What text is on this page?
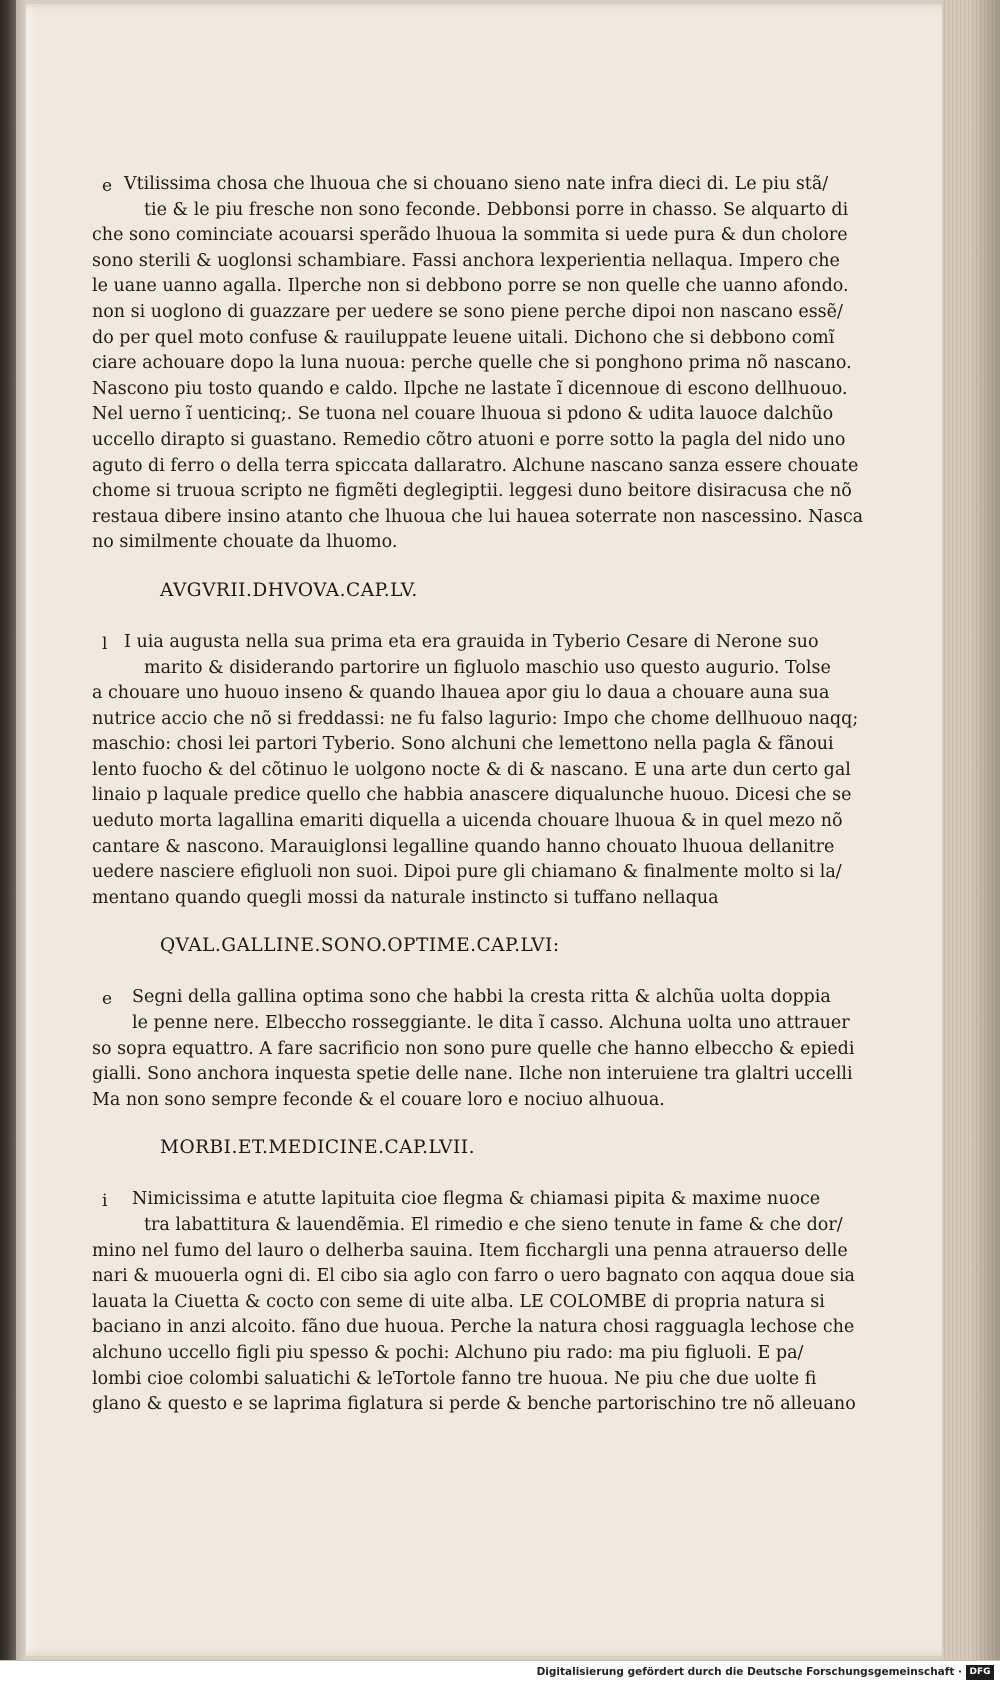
e Vtilissima chosa che lhuoua che si chouano sieno nate infra dieci di. Le piu stã/
tie & le piu fresche non sono feconde. Debbonsi porre in chasso. Se alquarto di
che sono cominciate acouarsi sperãdo lhuoua la sommita si uede pura & dun cholore
sono sterili & uoglonsi schambiare. Fassi anchora lexperientia nellaqua. Impero che
le uane uanno agalla. Ilperche non si debbono porre se non quelle che uanno afondo.
non si uoglono di guazzare per uedere se sono piene perche dipoi non nascano essẽ/
do per quel moto confuse & rauiluppate leuene uitali. Dichono che si debbono comĩ
ciare achouare dopo la luna nuoua: perche quelle che si ponghono prima nõ nascano.
Nascono piu tosto quando e caldo. Ilpche ne lastate ĩ dicennoue di escono dellhuouo.
Nel uerno ĩ uenticinq;. Se tuona nel couare lhuoua si pdono & udita lauoce dalchũo
uccello dirapto si guastano. Remedio cõtro atuoni e porre sotto la pagla del nido uno
aguto di ferro o della terra spiccata dallaratro. Alchune nascano sanza essere chouate
chome si truoua scripto ne figmẽti deglegiptii. leggesi duno beitore disiracusa che nõ
restaua dibere insino atanto che lhuoua che lui hauea soterrate non nascessino. Nasca
no similmente chouate da lhuomo.
AVGVRII.DHVOVA.CAP.LV.
l I uia augusta nella sua prima eta era grauida in Tyberio Cesare di Nerone suo
marito & disiderando partorire un figluolo maschio uso questo augurio. Tolse
a chouare uno huouo inseno & quando lhauea apor giu lo daua a chouare auna sua
nutrice accio che nõ si freddassi: ne fu falso lagurio: Impo che chome dellhuouo naqq;
maschio: chosi lei partori Tyberio. Sono alchuni che lemettono nella pagla & fãnoui
lento fuocho & del cõtinuo le uolgono nocte & di & nascano. E una arte dun certo gal
linaio p laquale predice quello che habbia anascere diqualunche huouo. Dicesi che se
ueduto morta lagallina emariti diquella a uicenda chouare lhuoua & in quel mezo nõ
cantare & nascono. Marauiglonsi legalline quando hanno chouato lhuoua dellanitre
uedere nasciere efigluoli non suoi. Dipoi pure gli chiamano & finalmente molto si la/
mentano quando quegli mossi da naturale instincto si tuffano nellaqua
QVAL.GALLINE.SONO.OPTIME.CAP.LVI:
e	Segni della gallina optima sono che habbi la cresta ritta & alchũa uolta doppia
le penne nere. Elbeccho rosseggiante. le dita ĩ casso. Alchuna uolta uno attrauer
so sopra equattro. A fare sacrificio non sono pure quelle che hanno elbeccho & epiedi
gialli. Sono anchora inquesta spetie delle nane. Ilche non interuiene tra glaltri uccelli
Ma non sono sempre feconde & el couare loro e nociuo alhuoua.
MORBI.ET.MEDICINE.CAP.LVII.
i	Nimicissima e atutte lapituita cioe flegma & chiamasi pipita & maxime nuoce
tra labattitura & lauendẽmia. El rimedio e che sieno tenute in fame & che dor/
mino nel fumo del lauro o delherba sauina. Item ficchargli una penna atrauerso delle
nari & muouerla ogni di. El cibo sia aglo con farro o uero bagnato con aqqua doue sia
lauata la Ciuetta & cocto con seme di uite alba. LE COLOMBE di propria natura si
baciano in anzi alcoito. fãno due huoua. Perche la natura chosi ragguagla lechose che
alchuno uccello figli piu spesso & pochi: Alchuno piu rado: ma piu figluoli. E pa/
lombi cioe colombi saluatichi & leTortole fanno tre huoua. Ne piu che due uolte fi
glano & questo e se laprima figlatura si perde & benche partorischino tre nõ alleuano
Digitalisierung gefördert durch die Deutsche Forschungsgemeinschaft · DFG
